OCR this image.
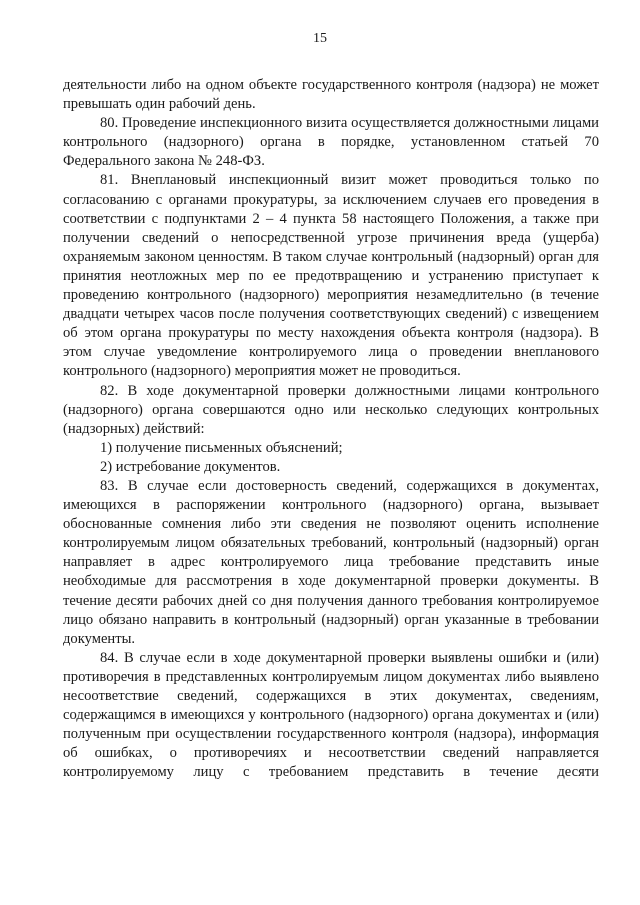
15

деятельности либо на одном объекте государственного контроля (надзора) не может превышать один рабочий день.

80. Проведение инспекционного визита осуществляется должностными лицами контрольного (надзорного) органа в порядке, установленном статьей 70 Федерального закона № 248-ФЗ.

81. Внеплановый инспекционный визит может проводиться только по согласованию с органами прокуратуры, за исключением случаев его проведения в соответствии с подпунктами 2 – 4 пункта 58 настоящего Положения, а также при получении сведений о непосредственной угрозе причинения вреда (ущерба) охраняемым законом ценностям. В таком случае контрольный (надзорный) орган для принятия неотложных мер по ее предотвращению и устранению приступает к проведению контрольного (надзорного) мероприятия незамедлительно (в течение двадцати четырех часов после получения соответствующих сведений) с извещением об этом органа прокуратуры по месту нахождения объекта контроля (надзора). В этом случае уведомление контролируемого лица о проведении внепланового контрольного (надзорного) мероприятия может не проводиться.

82. В ходе документарной проверки должностными лицами контрольного (надзорного) органа совершаются одно или несколько следующих контрольных (надзорных) действий:

1) получение письменных объяснений;

2) истребование документов.

83. В случае если достоверность сведений, содержащихся в документах, имеющихся в распоряжении контрольного (надзорного) органа, вызывает обоснованные сомнения либо эти сведения не позволяют оценить исполнение контролируемым лицом обязательных требований, контрольный (надзорный) орган направляет в адрес контролируемого лица требование представить иные необходимые для рассмотрения в ходе документарной проверки документы. В течение десяти рабочих дней со дня получения данного требования контролируемое лицо обязано направить в контрольный (надзорный) орган указанные в требовании документы.

84. В случае если в ходе документарной проверки выявлены ошибки и (или) противоречия в представленных контролируемым лицом документах либо выявлено несоответствие сведений, содержащихся в этих документах, сведениям, содержащимся в имеющихся у контрольного (надзорного) органа документах и (или) полученным при осуществлении государственного контроля (надзора), информация об ошибках, о противоречиях и несоответствии сведений направляется контролируемому лицу с требованием представить в течение десяти
